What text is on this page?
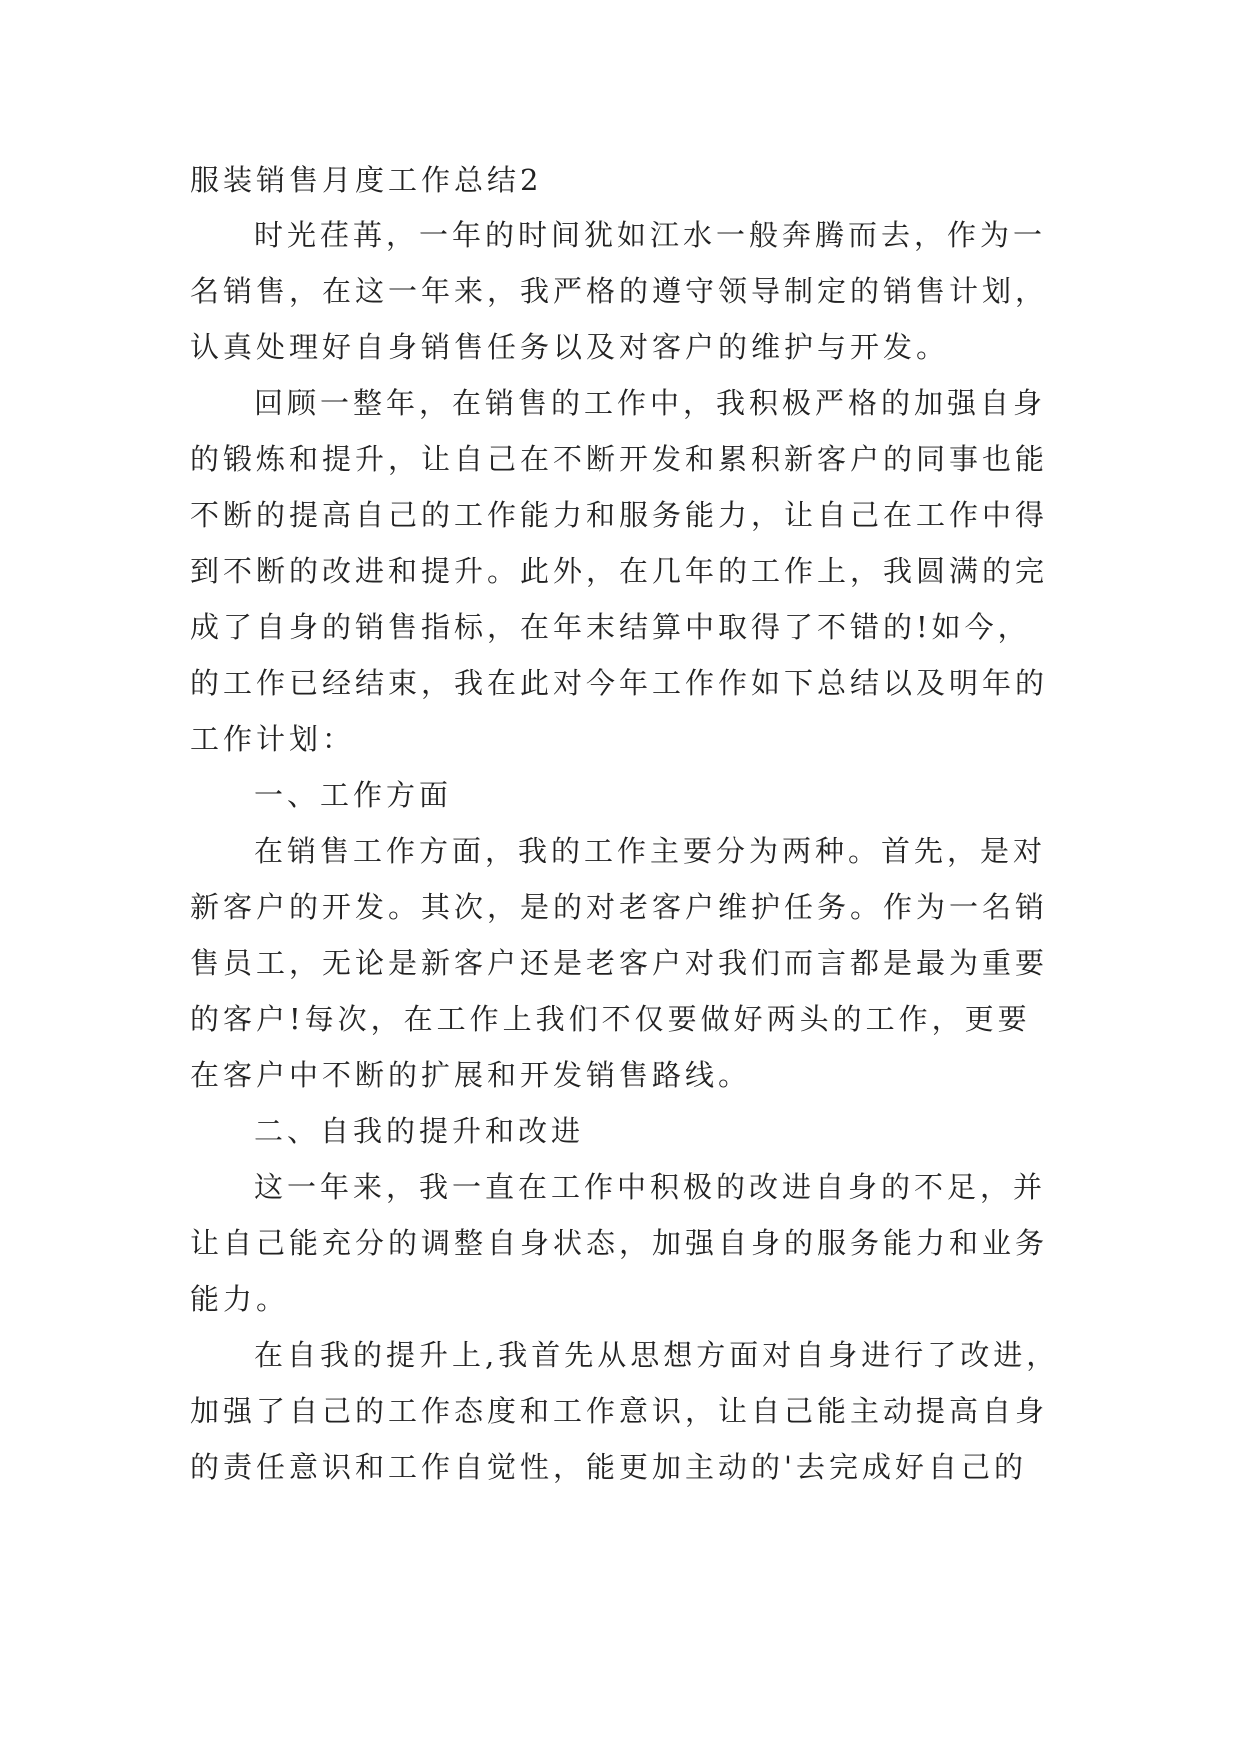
服装销售月度工作总结2
时光荏苒，一年的时间犹如江水一般奔腾而去，作为一
名销售，在这一年来，我严格的遵守领导制定的销售计划，
认真处理好自身销售任务以及对客户的维护与开发。
回顾一整年，在销售的工作中，我积极严格的加强自身
的锻炼和提升，让自己在不断开发和累积新客户的同事也能
不断的提高自己的工作能力和服务能力，让自己在工作中得
到不断的改进和提升。此外，在几年的工作上，我圆满的完
成了自身的销售指标，在年末结算中取得了不错的!如今，
的工作已经结束，我在此对今年工作作如下总结以及明年的
工作计划：
一、工作方面
在销售工作方面，我的工作主要分为两种。首先，是对
新客户的开发。其次，是的对老客户维护任务。作为一名销
售员工，无论是新客户还是老客户对我们而言都是最为重要
的客户!每次，在工作上我们不仅要做好两头的工作，更要
在客户中不断的扩展和开发销售路线。
二、自我的提升和改进
这一年来，我一直在工作中积极的改进自身的不足，并
让自己能充分的调整自身状态，加强自身的服务能力和业务
能力。
在自我的提升上,我首先从思想方面对自身进行了改进，
加强了自己的工作态度和工作意识，让自己能主动提高自身
的责任意识和工作自觉性，能更加主动的'去完成好自己的
